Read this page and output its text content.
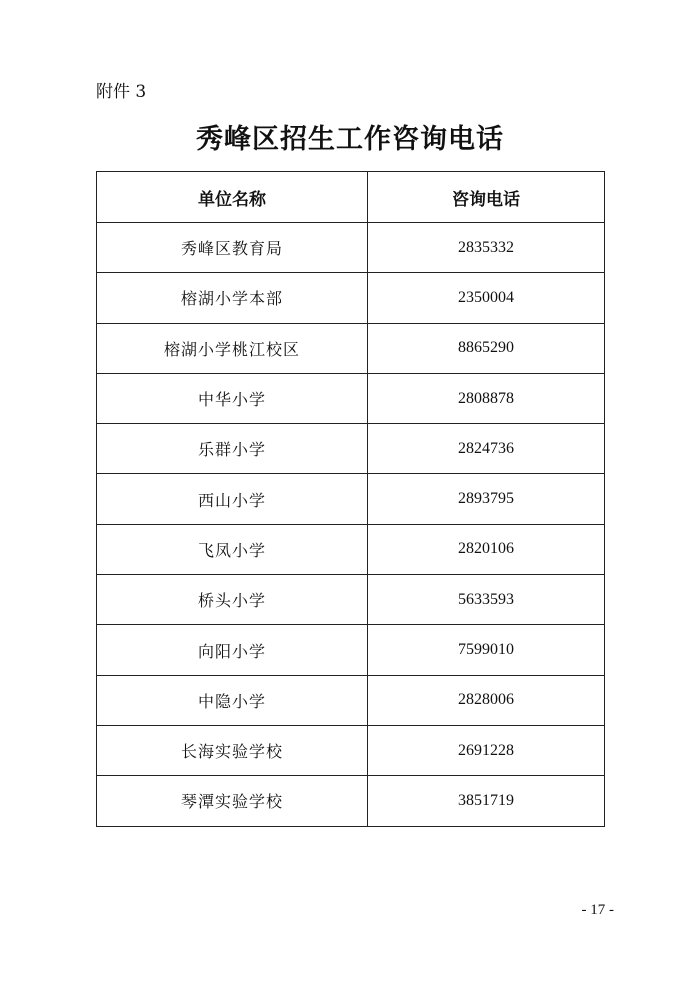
附件 3
秀峰区招生工作咨询电话
单位名称	咨询电话
秀峰区教育局	2835332
榕湖小学本部	2350004
榕湖小学桃江校区	8865290
中华小学	2808878
乐群小学	2824736
西山小学	2893795
飞凤小学	2820106
桥头小学	5633593
向阳小学	7599010
中隐小学	2828006
长海实验学校	2691228
琴潭实验学校	3851719
- 17 -
